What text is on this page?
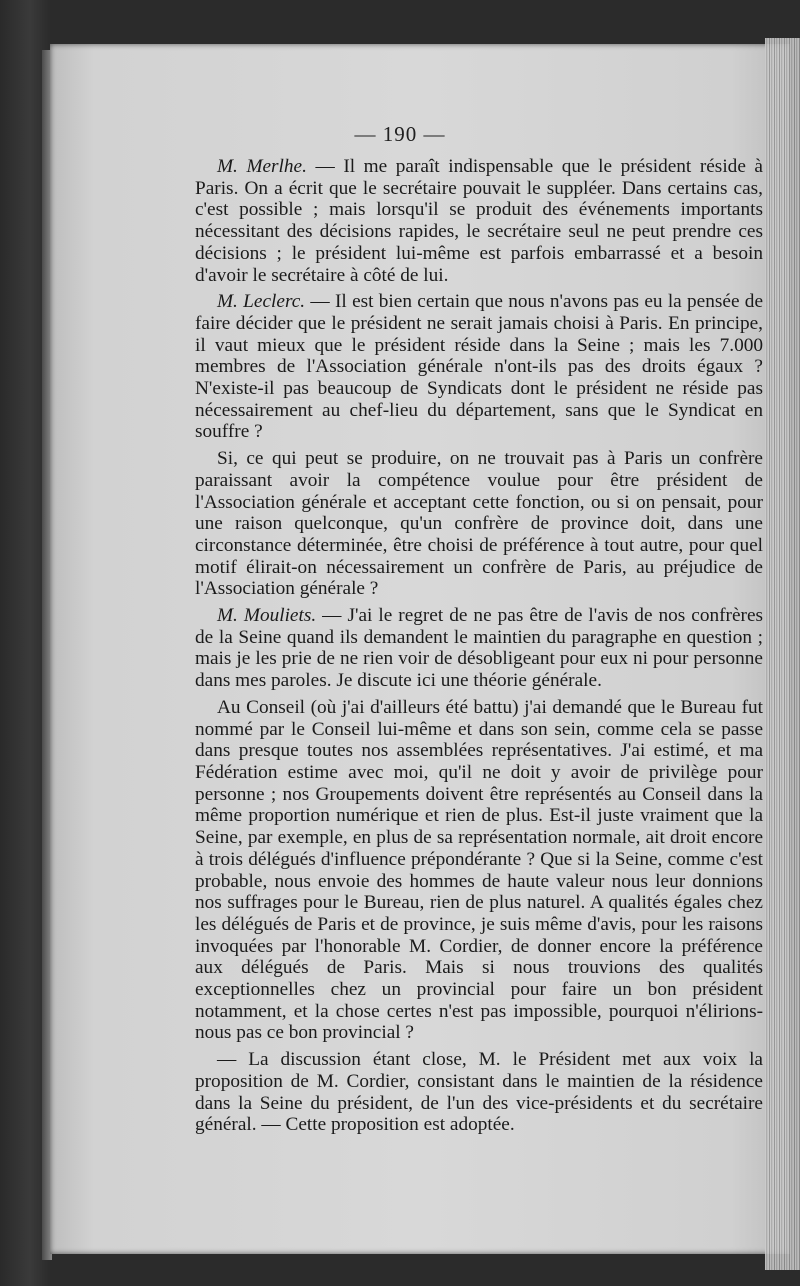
— 190 —

M. Merlhe. — Il me paraît indispensable que le président réside à Paris. On a écrit que le secrétaire pouvait le suppléer. Dans certains cas, c'est possible ; mais lorsqu'il se produit des événements importants nécessitant des décisions rapides, le secrétaire seul ne peut prendre ces décisions ; le président lui-même est parfois embarrassé et a besoin d'avoir le secrétaire à côté de lui.

M. Leclerc. — Il est bien certain que nous n'avons pas eu la pensée de faire décider que le président ne serait jamais choisi à Paris. En principe, il vaut mieux que le président réside dans la Seine ; mais les 7.000 membres de l'Association générale n'ont-ils pas des droits égaux ? N'existe-il pas beaucoup de Syndicats dont le président ne réside pas nécessairement au chef-lieu du département, sans que le Syndicat en souffre ?

Si, ce qui peut se produire, on ne trouvait pas à Paris un confrère paraissant avoir la compétence voulue pour être président de l'Association générale et acceptant cette fonction, ou si on pensait, pour une raison quelconque, qu'un confrère de province doit, dans une circonstance déterminée, être choisi de préférence à tout autre, pour quel motif élirait-on nécessairement un confrère de Paris, au préjudice de l'Association générale ?

M. Mouliets. — J'ai le regret de ne pas être de l'avis de nos confrères de la Seine quand ils demandent le maintien du paragraphe en question ; mais je les prie de ne rien voir de désobligeant pour eux ni pour personne dans mes paroles. Je discute ici une théorie générale.

Au Conseil (où j'ai d'ailleurs été battu) j'ai demandé que le Bureau fut nommé par le Conseil lui-même et dans son sein, comme cela se passe dans presque toutes nos assemblées représentatives. J'ai estimé, et ma Fédération estime avec moi, qu'il ne doit y avoir de privilège pour personne ; nos Groupements doivent être représentés au Conseil dans la même proportion numérique et rien de plus. Est-il juste vraiment que la Seine, par exemple, en plus de sa représentation normale, ait droit encore à trois délégués d'influence prépondérante ? Que si la Seine, comme c'est probable, nous envoie des hommes de haute valeur nous leur donnions nos suffrages pour le Bureau, rien de plus naturel. A qualités égales chez les délégués de Paris et de province, je suis même d'avis, pour les raisons invoquées par l'honorable M. Cordier, de donner encore la préférence aux délégués de Paris. Mais si nous trouvions des qualités exceptionnelles chez un provincial pour faire un bon président notamment, et la chose certes n'est pas impossible, pourquoi n'élirions-nous pas ce bon provincial ?

— La discussion étant close, M. le Président met aux voix la proposition de M. Cordier, consistant dans le maintien de la résidence dans la Seine du président, de l'un des vice-présidents et du secrétaire général. — Cette proposition est adoptée.
